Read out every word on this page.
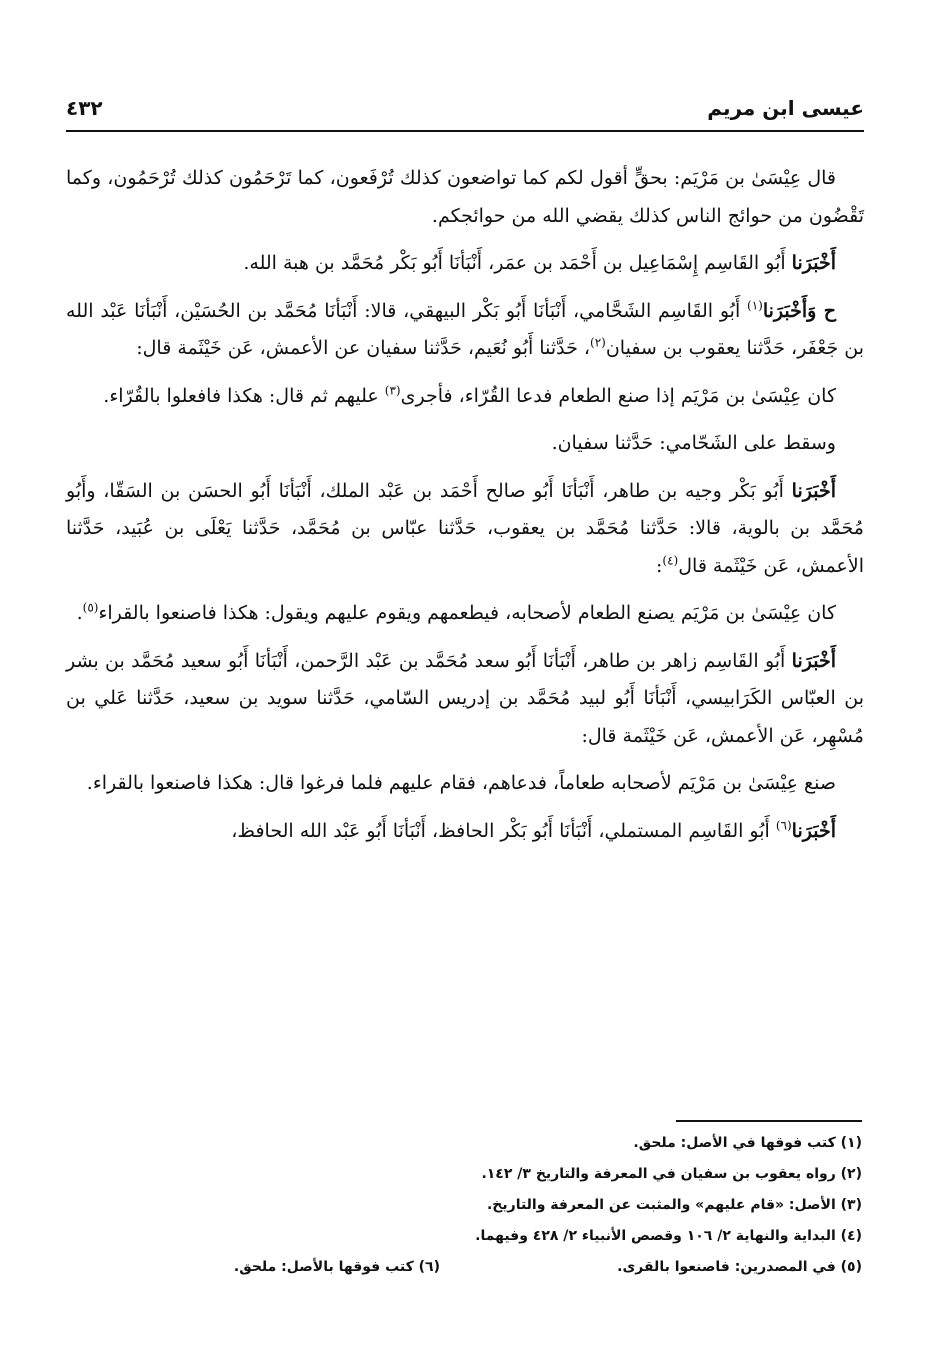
عيسى ابن مريم
٤٣٢

قال عِيْسَىٰ بن مَرْيَم: بحقٍّ أقول لكم كما تواضعون كذلك تُرْفَعون، كما تَرْحَمُون كذلك تُرْحَمُون، وكما تَقْضُون من حوائج الناس كذلك يقضي الله من حوائجكم.

أَخْبَرَنا أَبُو القَاسِم إِسْمَاعِيل بن أَحْمَد بن عمَر، أَنْبَأنَا أَبُو بَكْر مُحَمَّد بن هبة الله.

ح وَأَخْبَرَنا$^{(١)}$ أَبُو القَاسِم الشَحَّامي، أَنْبَأنَا أَبُو بَكْر البيهقي، قالا: أَنْبَأنَا مُحَمَّد بن الحُسَيْن، أَنْبَأنَا عَبْد الله بن جَعْفَر، حَدَّثنا يعقوب بن سفيان$^{(٢)}$، حَدَّثنا أَبُو نُعَيم، حَدَّثنا سفيان عن الأعمش، عَن خَيْثَمة قال:

كان عِيْسَىٰ بن مَرْيَم إذا صنع الطعام فدعا القُرّاء، فأجرى$^{(٣)}$ عليهم ثم قال: هكذا فافعلوا بالقُرّاء.

وسقط على الشَحّامي: حَدَّثنا سفيان.

أَخْبَرَنا أَبُو بَكْر وجيه بن طاهر، أَنْبَأنَا أَبُو صالح أَحْمَد بن عَبْد الملك، أَنْبَأنَا أَبُو الحسَن بن السَقّا، وأَبُو مُحَمَّد بن بالوية، قالا: حَدَّثنا مُحَمَّد بن يعقوب، حَدَّثنا عبّاس بن مُحَمَّد، حَدَّثنا يَعْلَى بن عُبَيد، حَدَّثنا الأعمش، عَن خَيْثَمة قال$^{(٤)}$:

كان عِيْسَىٰ بن مَرْيَم يصنع الطعام لأصحابه، فيطعمهم ويقوم عليهم ويقول: هكذا فاصنعوا بالقراء$^{(٥)}$.

أَخْبَرَنا أَبُو القَاسِم زاهر بن طاهر، أَنْبَأنَا أَبُو سعد مُحَمَّد بن عَبْد الرَّحمن، أَنْبَأنَا أَبُو سعيد مُحَمَّد بن بشر بن العبّاس الكَرَابيسي، أَنْبَأنَا أَبُو لبيد مُحَمَّد بن إدريس السّامي، حَدَّثنا سويد بن سعيد، حَدَّثنا عَلي بن مُسْهِر، عَن الأعمش، عَن خَيْثَمة قال:

صنع عِيْسَىٰ بن مَرْيَم لأصحابه طعاماً، فدعاهم، فقام عليهم فلما فرغوا قال: هكذا فاصنعوا بالقراء.

أَخْبَرَنا$^{(٦)}$ أَبُو القَاسِم المستملي، أَنْبَأنَا أَبُو بَكْر الحافظ، أَنْبَأنَا أَبُو عَبْد الله الحافظ،

(١) كتب فوقها في الأصل: ملحق.
(٢) رواه يعقوب بن سفيان في المعرفة والتاريخ ٣/ ١٤٢.
(٣) الأصل: «قام عليهم» والمثبت عن المعرفة والتاريخ.
(٤) البداية والنهاية ٢/ ١٠٦ وقصص الأنبياء ٢/ ٤٢٨ وفيهما.
(٥) في المصدرين: فاصنعوا بالقرى.
(٦) كتب فوقها بالأصل: ملحق.
